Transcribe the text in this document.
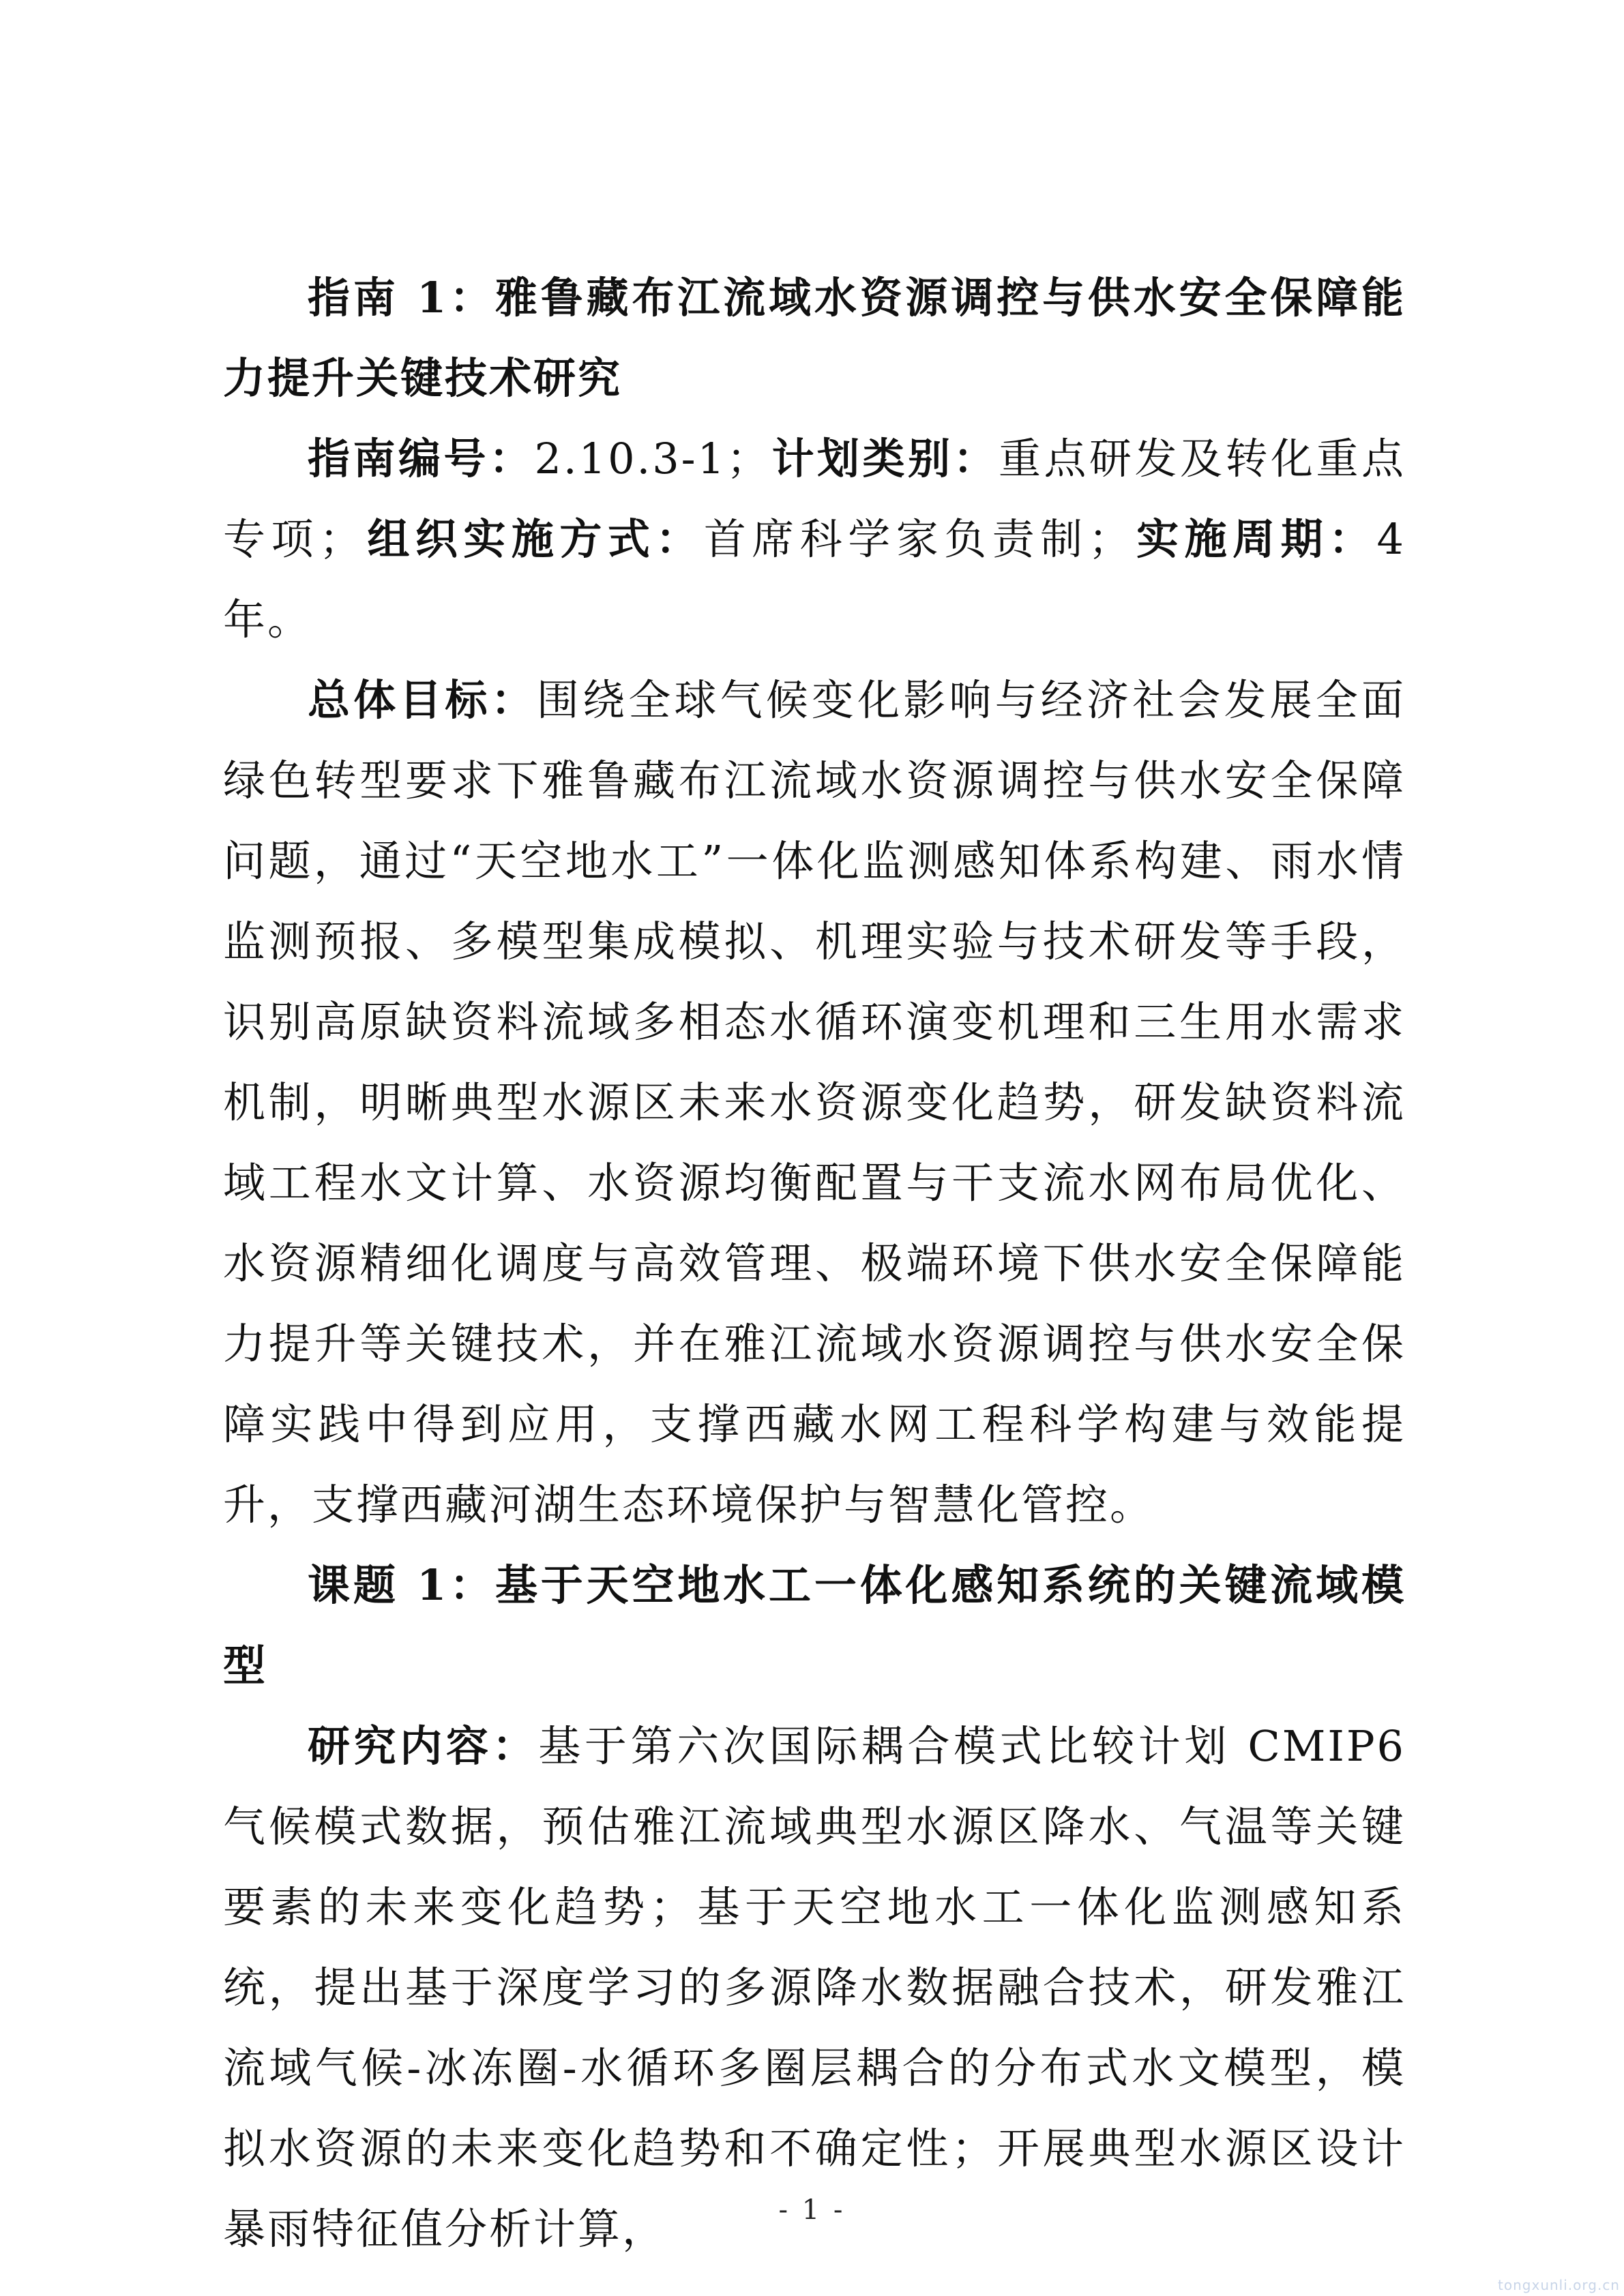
指南 1：雅鲁藏布江流域水资源调控与供水安全保障能力提升关键技术研究

指南编号：2.10.3-1；计划类别：重点研发及转化重点专项；组织实施方式：首席科学家负责制；实施周期：4 年。

总体目标：围绕全球气候变化影响与经济社会发展全面绿色转型要求下雅鲁藏布江流域水资源调控与供水安全保障问题，通过“天空地水工”一体化监测感知体系构建、雨水情监测预报、多模型集成模拟、机理实验与技术研发等手段，识别高原缺资料流域多相态水循环演变机理和三生用水需求机制，明晰典型水源区未来水资源变化趋势，研发缺资料流域工程水文计算、水资源均衡配置与干支流水网布局优化、水资源精细化调度与高效管理、极端环境下供水安全保障能力提升等关键技术，并在雅江流域水资源调控与供水安全保障实践中得到应用，支撑西藏水网工程科学构建与效能提升，支撑西藏河湖生态环境保护与智慧化管控。

课题 1：基于天空地水工一体化感知系统的关键流域模型

研究内容：基于第六次国际耦合模式比较计划 CMIP6 气候模式数据，预估雅江流域典型水源区降水、气温等关键要素的未来变化趋势；基于天空地水工一体化监测感知系统，提出基于深度学习的多源降水数据融合技术，研发雅江流域气候-冰冻圈-水循环多圈层耦合的分布式水文模型，模拟水资源的未来变化趋势和不确定性；开展典型水源区设计暴雨特征值分析计算，	- 1 -
tongxunli.org.cn
